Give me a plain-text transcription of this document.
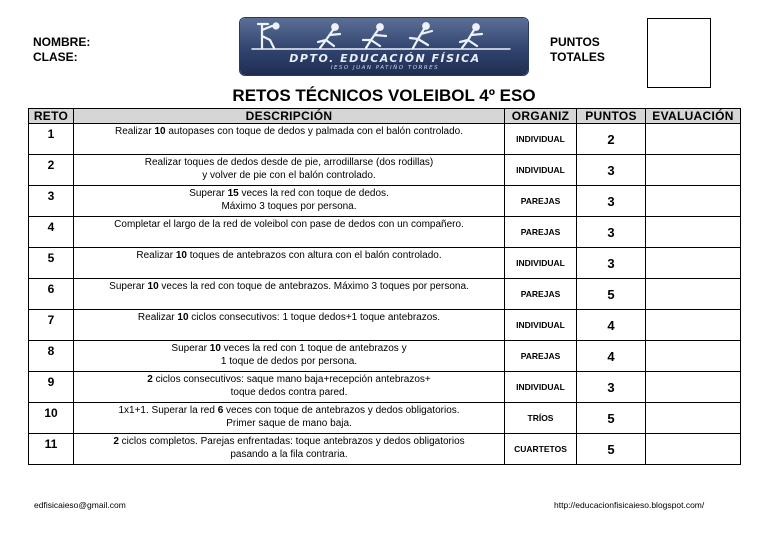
NOMBRE:
CLASE:	DPTO. EDUCACIÓN FÍSICA
IESO JUAN PATIÑO TORRES
PUNTOS
TOTALES
RETOS TÉCNICOS VOLEIBOL 4º ESO
RETO	DESCRIPCIÓN	ORGANIZ	PUNTOS	EVALUACIÓN
1	Realizar 10 autopases con toque de dedos y palmada con el balón controlado.	INDIVIDUAL	2	
2	Realizar toques de dedos desde de pie, arrodillarse (dos rodillas)
y volver de pie con el balón controlado.	INDIVIDUAL	3	
3	Superar 15 veces la red con toque de dedos.
Máximo 3 toques por persona.	PAREJAS	3	
4	Completar el largo de la red de voleibol con pase de dedos con un compañero.	PAREJAS	3	
5	Realizar 10 toques de antebrazos con altura con el balón controlado.	INDIVIDUAL	3	
6	Superar 10 veces la red con toque de antebrazos. Máximo 3 toques por persona.	PAREJAS	5	
7	Realizar 10 ciclos consecutivos: 1 toque dedos+1 toque antebrazos.	INDIVIDUAL	4	
8	Superar 10 veces la red con 1 toque de antebrazos y
1 toque de dedos por persona.	PAREJAS	4	
9	2 ciclos consecutivos: saque mano baja+recepción antebrazos+
toque dedos contra pared.	INDIVIDUAL	3	
10	1x1+1. Superar la red 6 veces con toque de antebrazos y dedos obligatorios.
Primer saque de mano baja.	TRÍOS	5	
11	2 ciclos completos. Parejas enfrentadas: toque antebrazos y dedos obligatorios
pasando a la fila contraria.	CUARTETOS	5	
edfisicaieso@gmail.com	http://educacionfisicaieso.blogspot.com/
